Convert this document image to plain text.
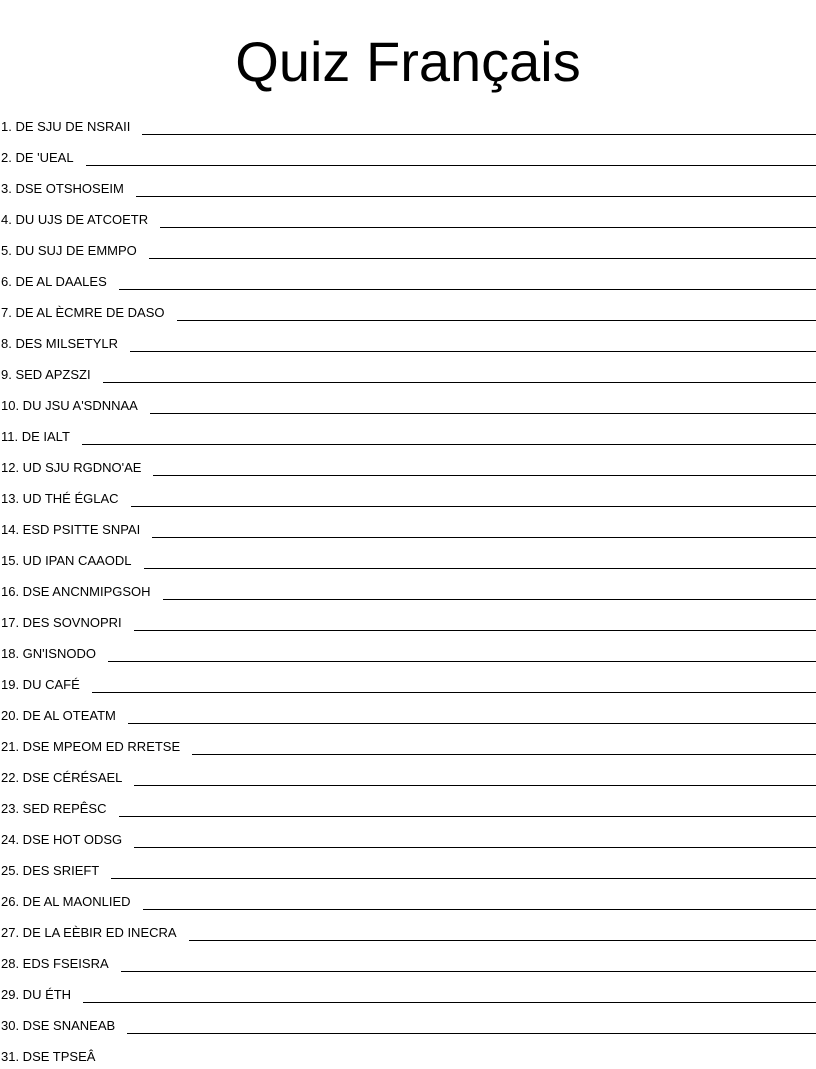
Quiz Français
1. DE SJU DE NSRAII
2. DE 'UEAL
3. DSE OTSHOSEIM
4. DU UJS DE ATCOETR
5. DU SUJ DE EMMPO
6. DE AL DAALES
7. DE AL ÈCMRE DE DASO
8. DES MILSETYLR
9. SED APZSZI
10. DU JSU A'SDNNAA
11. DE IALT
12. UD SJU RGDNO'AE
13. UD THÉ ÉGLAC
14. ESD PSITTE SNPAI
15. UD IPAN CAAODL
16. DSE ANCNMIPGSOH
17. DES SOVNOPRI
18. GN'ISNODO
19. DU CAFÉ
20. DE AL OTEATM
21. DSE MPEOM ED RRETSE
22. DSE CÉRÉSAEL
23. SED REPÊSC
24. DSE HOT ODSG
25. DES SRIEFT
26. DE AL MAONLIED
27. DE LA EÈBIR ED INECRA
28. EDS FSEISRA
29. DU ÉTH
30. DSE SNANEAB
31. DSE TPSEÂ
